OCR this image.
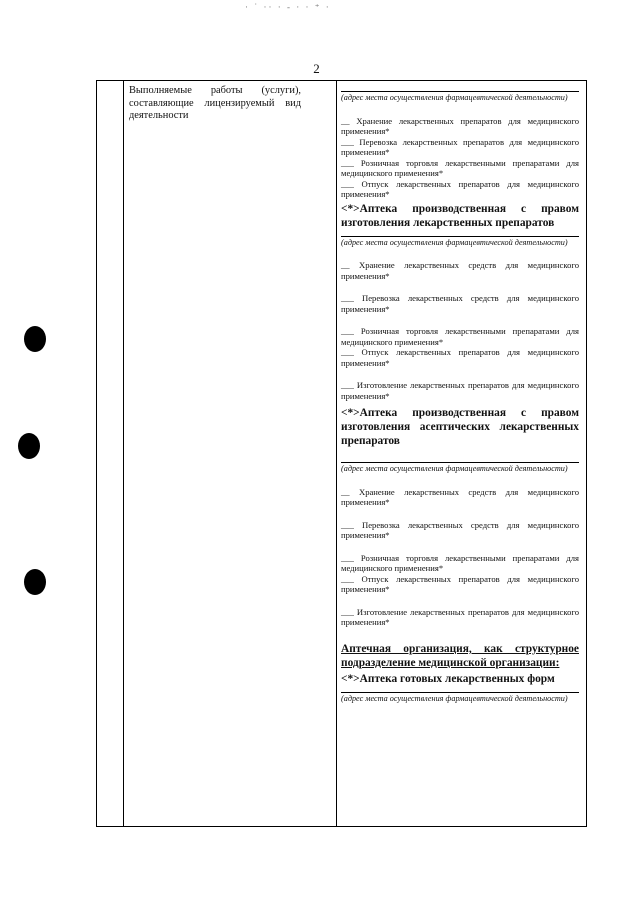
· ˙ ·· · ‑ · · ⁺ ·
2
Выполняемые работы (услуги), составляющие лицензируемый вид деятельности
(адрес места осуществления фармацевтической деятельности)
__ Хранение лекарственных препаратов для медицинского применения*
___ Перевозка лекарственных препаратов для медицинского применения*
___ Розничная торговля лекарственными препаратами для медицинского применения*
___ Отпуск лекарственных препаратов для медицинского применения*
<*>Аптека производственная с правом изготовления лекарственных препаратов
(адрес места осуществления фармацевтической деятельности)
__ Хранение лекарственных средств для медицинского применения*
___ Перевозка лекарственных средств для медицинского применения*
___ Розничная торговля лекарственными препаратами для медицинского применения*
___ Отпуск лекарственных препаратов для медицинского применения*
___ Изготовление лекарственных препаратов для медицинского применения*
<*>Аптека производственная с правом изготовления асептических лекарственных препаратов
(адрес места осуществления фармацевтической деятельности)
__ Хранение лекарственных средств для медицинского применения*
___ Перевозка лекарственных средств для медицинского применения*
___ Розничная торговля лекарственными препаратами для медицинского применения*
___ Отпуск лекарственных препаратов для медицинского применения*
___ Изготовление лекарственных препаратов для медицинского применения*
Аптечная организация, как структурное подразделение медицинской организации:
<*>Аптека готовых лекарственных форм
(адрес места осуществления фармацевтической деятельности)
